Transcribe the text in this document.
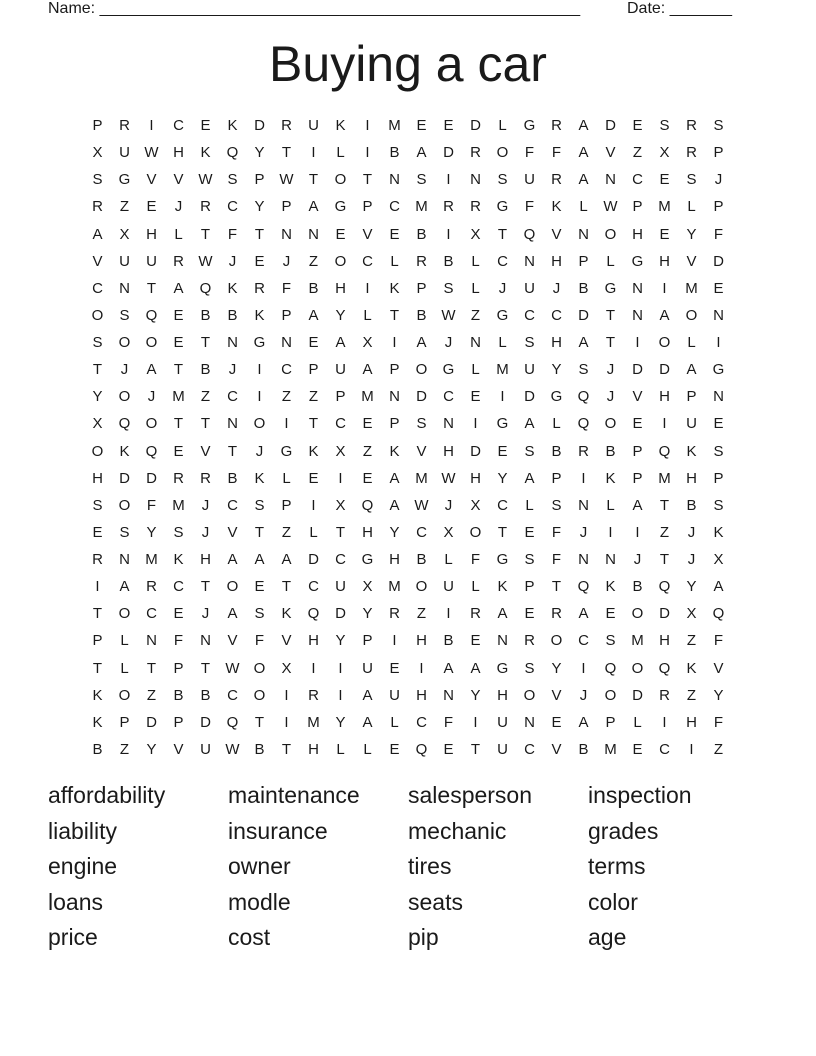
Name: ______________________________________________________	Date: _______
Buying a car
P	R	I	C	E	K	D	R	U	K	I	M	E	E	D	L	G	R	A	D	E	S	R	S
X	U W H	K	Q	Y	T	I	L	I	B	A	D	R	O	F	F	A	V	Z	X	R	P
S	G	V	V W S	P W	T	O	T	N	S	I	N	S	U	R	A	N	C	E	S	J
R	Z	E	J	R	C	Y	P	A	G	P	C	M	R	R	G	F	K	L	W P	M	L	P
A	X	H	L	T	F	T	N	N	E	V	E	B	I	X	T	Q	V	N	O	H	E	Y	F
V	U	U	R W	J	E	J	Z	O	C	L	R	B	L	C	N	H	P	L	G	H	V	D
C	N	T	A	Q	K	R	F	B	H	I	K	P	S	L	J	U	J	B	G	N	I	M	E
O	S	Q	E	B	B	K	P	A	Y	L	T	B W	Z	G	C	C	D	T	N	A	O	N
S	O	O	E	T	N	G	N	E	A	X	I	A	J	N	L	S	H	A	T	I	O	L	I
T	J	A	T	B	J	I	C	P	U	A	P	O	G	L	M	U	Y	S	J	D	D	A	G
Y	O	J	M	Z	C	I	Z	Z	P	M	N	D	C	E	I	D	G	Q	J	V	H	P	N
X	Q	O	T	T	N	O	I	T	C	E	P	S	N	I	G	A	L	Q	O	E	I	U	E
O	K	Q	E	V	T	J	G	K	X	Z	K	V	H	D	E	S	B	R	B	P	Q	K	S
H	D	D	R	R	B	K	L	E	I	E	A	M W H	Y	A	P	I	K	P	M	H	P
S	O	F	M	J	C	S	P	I	X	Q	A W	J	X	C	L	S	N	L	A	T	B	S
E	S	Y	S	J	V	T	Z	L	T	H	Y	C	X	O	T	E	F	J	I	I	Z	J	K
R	N	M	K	H	A	A	A	D	C	G	H	B	L	F	G	S	F	N	N	J	T	J	X
I	A	R	C	T	O	E	T	C	U	X	M O	U	L	K	P	T	Q	K	B	Q	Y	A
T	O	C	E	J	A	S	K	Q	D	Y	R	Z	I	R	A	E	R	A	E	O	D	X	Q
P	L	N	F	N	V	F	V	H	Y	P	I	H	B	E	N	R	O	C	S	M	H	Z	F
T	L	T	P	T	W O	X	I	I	U	E	I	A	A	G	S	Y	I	Q	O	Q	K	V
K	O	Z	B	B	C	O	I	R	I	A	U	H	N	Y	H	O	V	J	O	D	R	Z	Y
K	P	D	P	D	Q	T	I	M	Y	A	L	C	F	I	U	N	E	A	P	L	I	H	F
B	Z	Y	V	U W B	T	H	L	L	E	Q	E	T	U	C	V	B	M	E	C	I	Z
affordability	maintenance	salesperson	inspection
liability	insurance	mechanic	grades
engine	owner	tires	terms
loans	modle	seats	color
price	cost	pip	age
